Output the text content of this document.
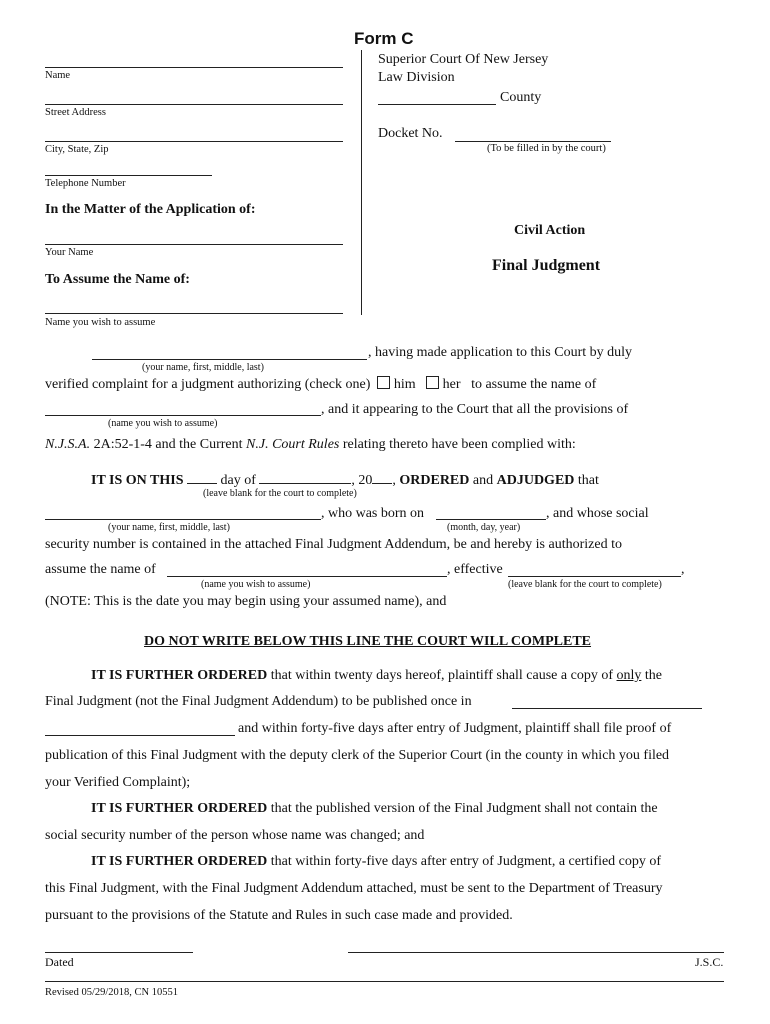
Form C
Name
Street Address
City, State, Zip
Telephone Number
In the Matter of the Application of:
Your Name
To Assume the Name of:
Name you wish to assume
Superior Court Of New Jersey
Law Division
County
Docket No.
(To be filled in by the court)
Civil Action
Final Judgment
, having made application to this Court by duly
(your name, first, middle, last)
verified complaint for a judgment authorizing (check one) him her to assume the name of
, and it appearing to the Court that all the provisions of
(name you wish to assume)
N.J.S.A. 2A:52-1-4 and the Current N.J. Court Rules relating thereto have been complied with:
IT IS ON THIS	day of	, 20 , ORDERED and ADJUDGED that
(leave blank for the court to complete)
, who was born on	, and whose social
(your name, first, middle, last)	(month, day, year)
security number is contained in the attached Final Judgment Addendum, be and hereby is authorized to
assume the name of	, effective	,
(name you wish to assume)	(leave blank for the court to complete)
(NOTE: This is the date you may begin using your assumed name), and
DO NOT WRITE BELOW THIS LINE THE COURT WILL COMPLETE
IT IS FURTHER ORDERED that within twenty days hereof, plaintiff shall cause a copy of only the
Final Judgment (not the Final Judgment Addendum) to be published once in
and within forty-five days after entry of Judgment, plaintiff shall file proof of
publication of this Final Judgment with the deputy clerk of the Superior Court (in the county in which you filed
your Verified Complaint);
IT IS FURTHER ORDERED that the published version of the Final Judgment shall not contain the
social security number of the person whose name was changed; and
IT IS FURTHER ORDERED that within forty-five days after entry of Judgment, a certified copy of
this Final Judgment, with the Final Judgment Addendum attached, must be sent to the Department of Treasury
pursuant to the provisions of the Statute and Rules in such case made and provided.
Dated	J.S.C.
Revised 05/29/2018, CN 10551
